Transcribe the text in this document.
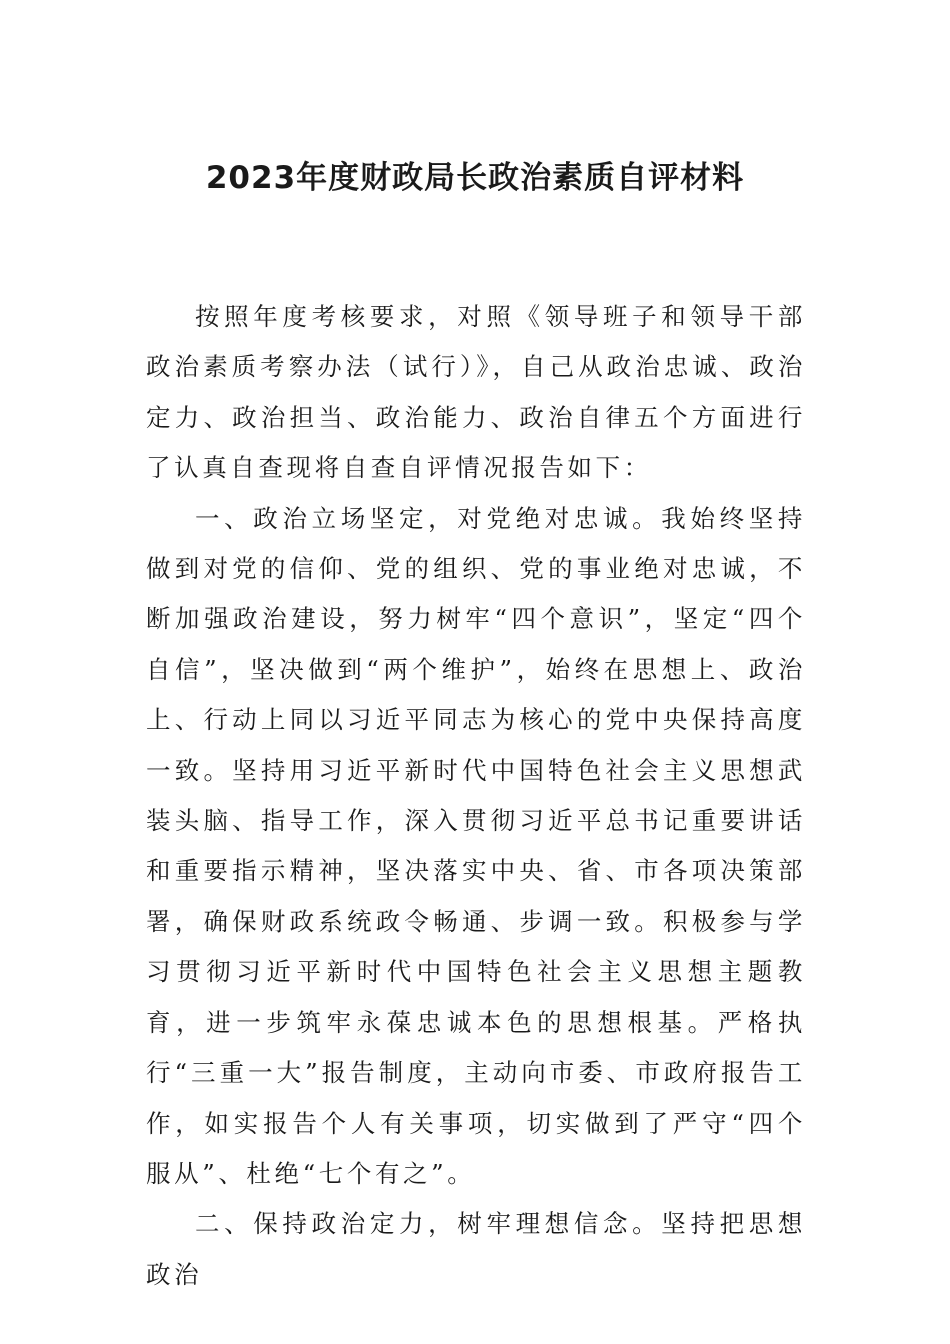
2023年度财政局长政治素质自评材料

按照年度考核要求，对照《领导班子和领导干部政治素质考察办法（试行）》，自己从政治忠诚、政治定力、政治担当、政治能力、政治自律五个方面进行了认真自查现将自查自评情况报告如下：

一、政治立场坚定，对党绝对忠诚。我始终坚持做到对党的信仰、党的组织、党的事业绝对忠诚，不断加强政治建设，努力树牢“四个意识”，坚定“四个自信”，坚决做到“两个维护”，始终在思想上、政治上、行动上同以习近平同志为核心的党中央保持高度一致。坚持用习近平新时代中国特色社会主义思想武装头脑、指导工作，深入贯彻习近平总书记重要讲话和重要指示精神，坚决落实中央、省、市各项决策部署，确保财政系统政令畅通、步调一致。积极参与学习贯彻习近平新时代中国特色社会主义思想主题教育，进一步筑牢永葆忠诚本色的思想根基。严格执行“三重一大”报告制度，主动向市委、市政府报告工作，如实报告个人有关事项，切实做到了严守“四个服从”、杜绝“七个有之”。

二、保持政治定力，树牢理想信念。坚持把思想政治
